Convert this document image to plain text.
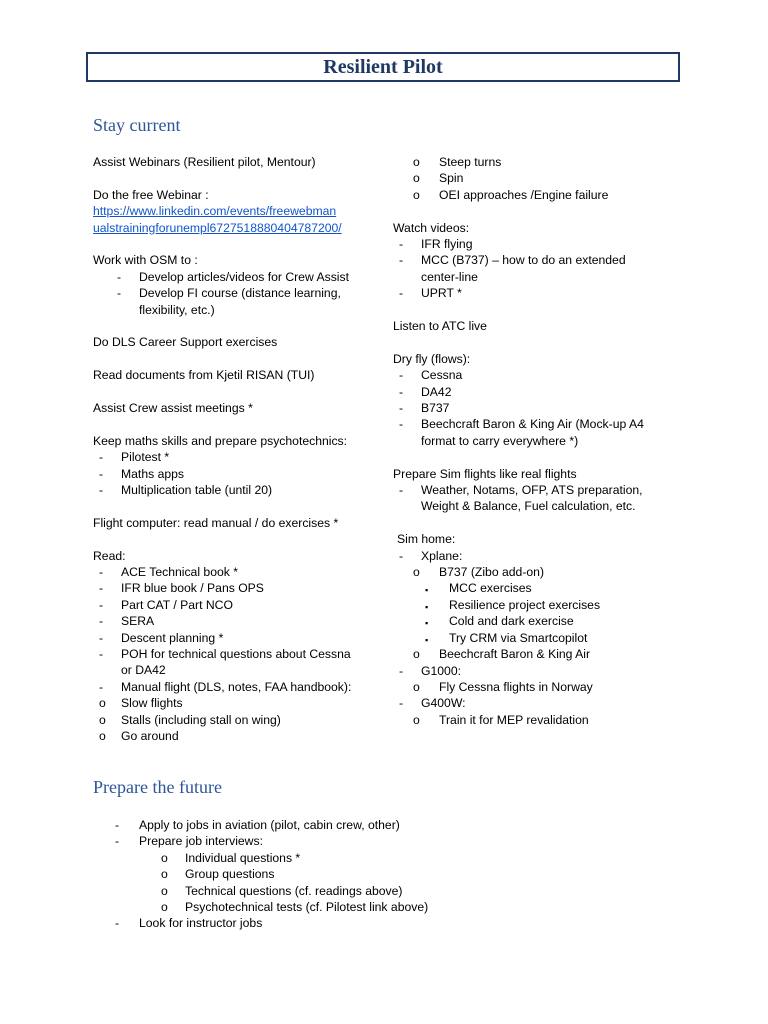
Resilient Pilot
Stay current

Assist Webinars (Resilient pilot, Mentour)

Do the free Webinar :

https://www.linkedin.com/events/freewebman

ualstrainingforunempl6727518880404787200/

Work with OSM to :

-	Develop articles/videos for Crew Assist
-	Develop FI course (distance learning,
flexibility, etc.)

Do DLS Career Support exercises

Read documents from Kjetil RISAN (TUI)

Assist Crew assist meetings *

Keep maths skills and prepare psychotechnics:

-	Pilotest *
-	Maths apps
-	Multiplication table (until 20)

Flight computer: read manual / do exercises *

Read:

-	ACE Technical book *
-	IFR blue book / Pans OPS
-	Part CAT / Part NCO
-	SERA
-	Descent planning *
-	POH for technical questions about Cessna
or DA42
-	Manual flight (DLS, notes, FAA handbook):
o	Slow flights
o	Stalls (including stall on wing)
o	Go around
o	Steep turns
o	Spin
o	OEI approaches /Engine failure

Watch videos:

-	IFR flying
-	MCC (B737) – how to do an extended
center-line
-	UPRT *

Listen to ATC live

Dry fly (flows):

-	Cessna
-	DA42
-	B737
-	Beechcraft Baron & King Air (Mock-up A4
format to carry everywhere *)

Prepare Sim flights like real flights

-	Weather, Notams, OFP, ATS preparation,
Weight & Balance, Fuel calculation, etc.

Sim home:

-	Xplane:
o	B737 (Zibo add-on)
▪	MCC exercises
▪	Resilience project exercises
▪	Cold and dark exercise
▪	Try CRM via Smartcopilot
o	Beechcraft Baron & King Air
-	G1000:
o	Fly Cessna flights in Norway
-	G400W:
o	Train it for MEP revalidation
Prepare the future
-	Apply to jobs in aviation (pilot, cabin crew, other)
-	Prepare job interviews:
o	Individual questions *
o	Group questions
o	Technical questions (cf. readings above)
o	Psychotechnical tests (cf. Pilotest link above)
-	Look for instructor jobs
